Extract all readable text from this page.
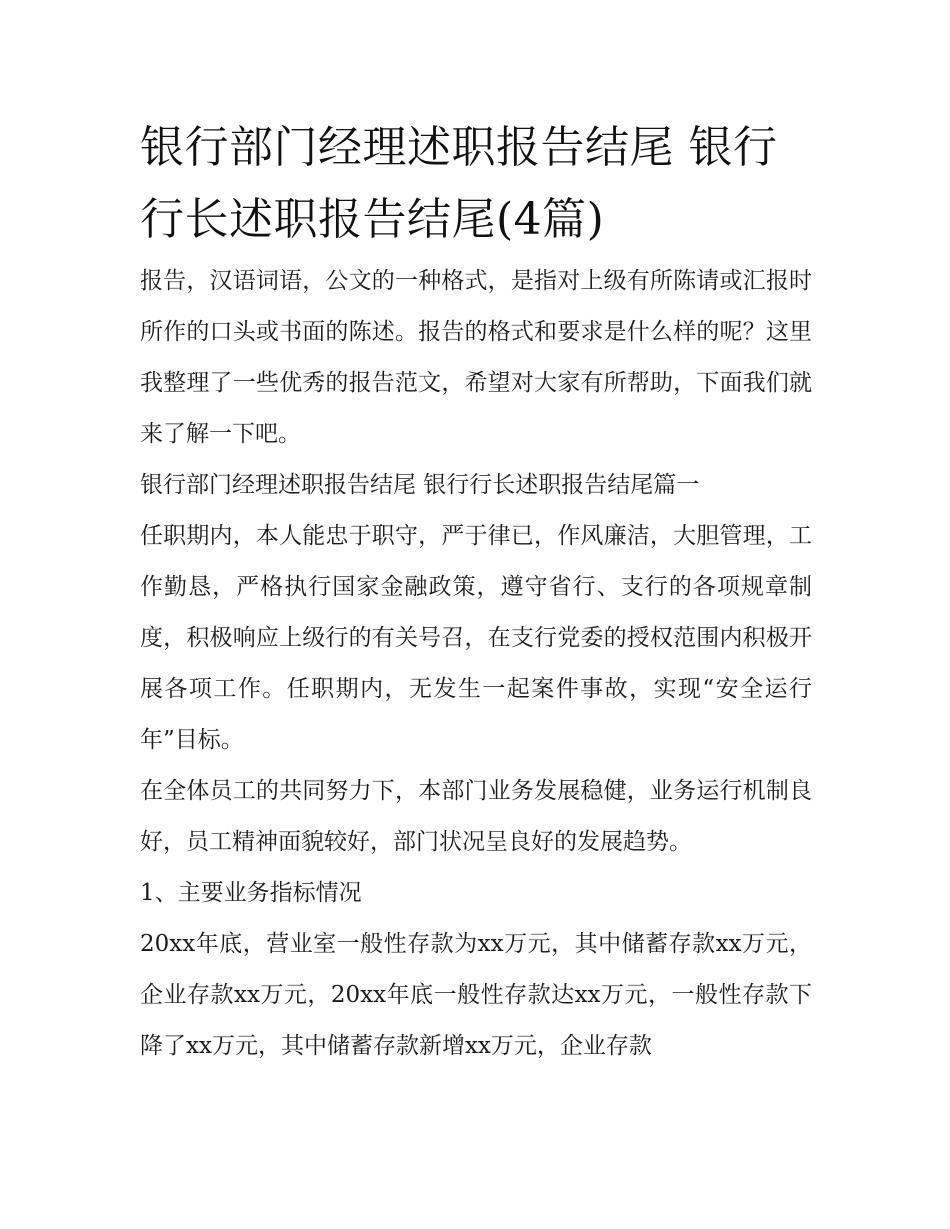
银行部门经理述职报告结尾 银行行长述职报告结尾(4篇)

报告，汉语词语，公文的一种格式，是指对上级有所陈请或汇报时所作的口头或书面的陈述。报告的格式和要求是什么样的呢？这里我整理了一些优秀的报告范文，希望对大家有所帮助，下面我们就来了解一下吧。

银行部门经理述职报告结尾 银行行长述职报告结尾篇一

任职期内，本人能忠于职守，严于律已，作风廉洁，大胆管理，工作勤恳，严格执行国家金融政策，遵守省行、支行的各项规章制度，积极响应上级行的有关号召，在支行党委的授权范围内积极开展各项工作。任职期内，无发生一起案件事故，实现“安全运行年”目标。

在全体员工的共同努力下，本部门业务发展稳健，业务运行机制良好，员工精神面貌较好，部门状况呈良好的发展趋势。

1、主要业务指标情况

20xx年底，营业室一般性存款为xx万元，其中储蓄存款xx万元，企业存款xx万元，20xx年底一般性存款达xx万元，一般性存款下降了xx万元，其中储蓄存款新增xx万元，企业存款
